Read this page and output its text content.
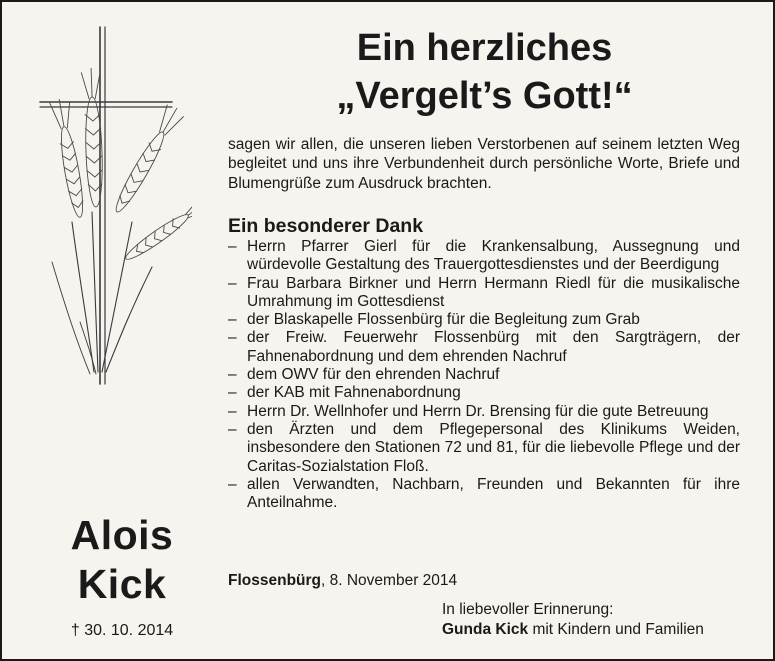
Alois
Kick
† 30. 10. 2014
Ein herzliches
„Vergelt’s Gott!“
sagen wir allen, die unseren lieben Verstorbenen auf seinem letzten Weg begleitet und uns ihre Verbundenheit durch persönliche Worte, Briefe und Blumengrüße zum Ausdruck brachten.
Ein besonderer Dank
– Herrn Pfarrer Gierl für die Krankensalbung, Aussegnung und würdevolle Gestaltung des Trauergottesdienstes und der Beerdigung
– Frau Barbara Birkner und Herrn Hermann Riedl für die musikalische Umrahmung im Gottesdienst
– der Blaskapelle Flossenbürg für die Begleitung zum Grab
– der Freiw. Feuerwehr Flossenbürg mit den Sargträgern, der Fahnenabordnung und dem ehrenden Nachruf
– dem OWV für den ehrenden Nachruf
– der KAB mit Fahnenabordnung
– Herrn Dr. Wellnhofer und Herrn Dr. Brensing für die gute Betreuung
– den Ärzten und dem Pflegepersonal des Klinikums Weiden, insbesondere den Stationen 72 und 81, für die liebevolle Pflege und der Caritas-Sozialstation Floß.
– allen Verwandten, Nachbarn, Freunden und Bekannten für ihre Anteilnahme.
Flossenbürg, 8. November 2014
In liebevoller Erinnerung:
Gunda Kick mit Kindern und Familien
